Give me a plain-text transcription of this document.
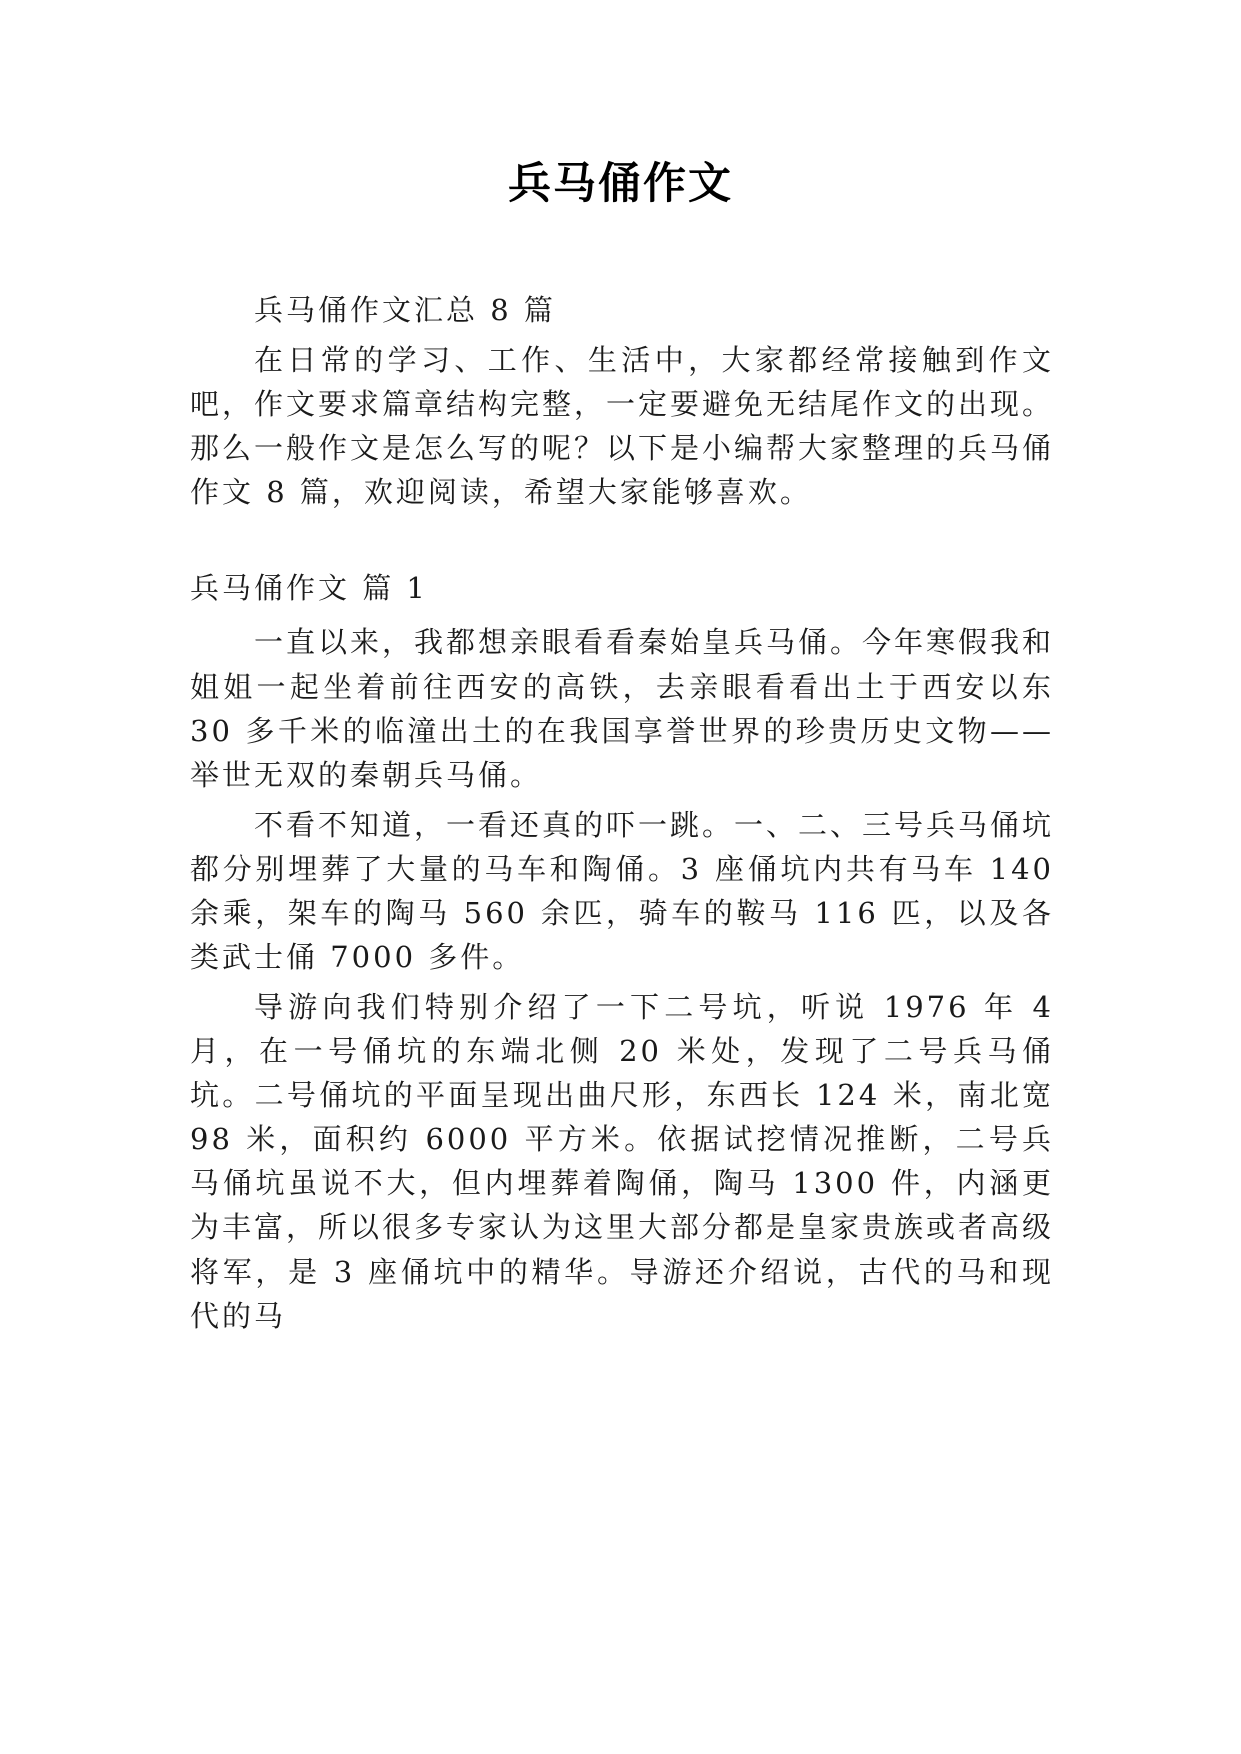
兵马俑作文

兵马俑作文汇总 8 篇

在日常的学习、工作、生活中，大家都经常接触到作文吧，作文要求篇章结构完整，一定要避免无结尾作文的出现。那么一般作文是怎么写的呢？以下是小编帮大家整理的兵马俑作文 8 篇，欢迎阅读，希望大家能够喜欢。

兵马俑作文 篇 1

一直以来，我都想亲眼看看秦始皇兵马俑。今年寒假我和姐姐一起坐着前往西安的高铁，去亲眼看看出土于西安以东 30 多千米的临潼出土的在我国享誉世界的珍贵历史文物——举世无双的秦朝兵马俑。

不看不知道，一看还真的吓一跳。一、二、三号兵马俑坑都分别埋葬了大量的马车和陶俑。3 座俑坑内共有马车 140 余乘，架车的陶马 560 余匹，骑车的鞍马 116 匹，以及各类武士俑 7000 多件。

导游向我们特别介绍了一下二号坑，听说 1976 年 4 月，在一号俑坑的东端北侧 20 米处，发现了二号兵马俑坑。二号俑坑的平面呈现出曲尺形，东西长 124 米，南北宽 98 米，面积约 6000 平方米。依据试挖情况推断，二号兵马俑坑虽说不大，但内埋葬着陶俑，陶马 1300 件，内涵更为丰富，所以很多专家认为这里大部分都是皇家贵族或者高级将军，是 3 座俑坑中的精华。导游还介绍说，古代的马和现代的马
